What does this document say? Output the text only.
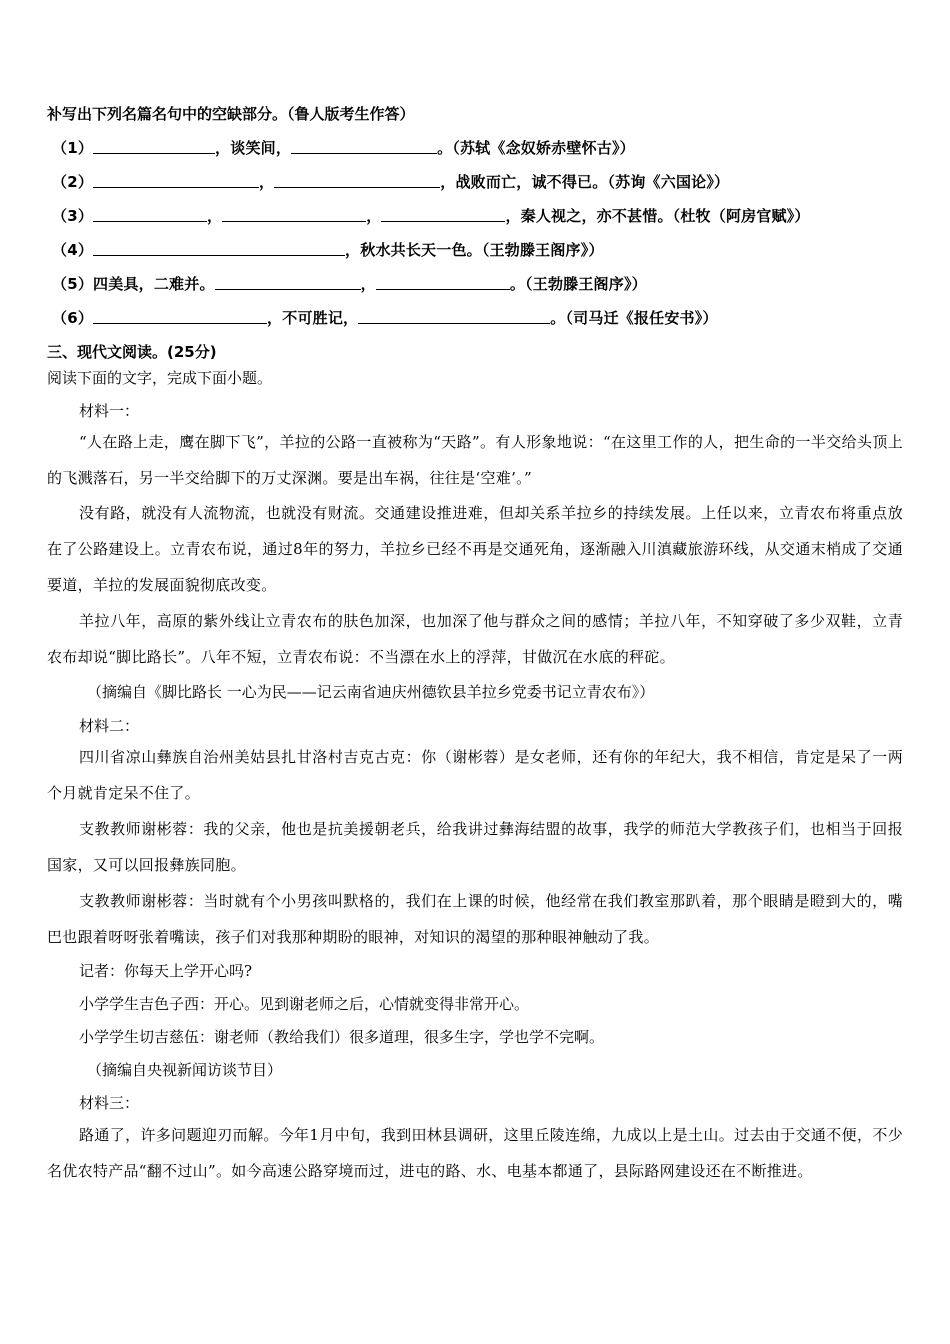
补写出下列名篇名句中的空缺部分。（鲁人版考生作答）
（1）	，谈笑间，	。（苏轼《念奴娇赤壁怀古》）
（2）	，	，战败而亡，诚不得已。（苏询《六国论》）
（3）	，	，	，秦人视之，亦不甚惜。（杜牧（阿房官赋》）
（4）	，秋水共长天一色。（王勃滕王阁序》）
（5）四美具，二难并。	，	。（王勃滕王阁序》）
（6）	，不可胜记，	。（司马迁《报任安书》）
三、现代文阅读。(25分)
阅读下面的文字，完成下面小题。
材料一：

“人在路上走，鹰在脚下飞”，羊拉的公路一直被称为“天路”。有人形象地说：“在这里工作的人，把生命的一半交给头顶上的飞溅落石，另一半交给脚下的万丈深渊。要是出车祸，往往是‘空难’。”

没有路，就没有人流物流，也就没有财流。交通建设推进难，但却关系羊拉乡的持续发展。上任以来，立青农布将重点放在了公路建设上。立青农布说，通过8年的努力，羊拉乡已经不再是交通死角，逐渐融入川滇藏旅游环线，从交通末梢成了交通要道，羊拉的发展面貌彻底改变。

羊拉八年，高原的紫外线让立青农布的肤色加深，也加深了他与群众之间的感情；羊拉八年，不知穿破了多少双鞋，立青农布却说“脚比路长”。八年不短，立青农布说：不当漂在水上的浮萍，甘做沉在水底的秤砣。

（摘编自《脚比路长 一心为民——记云南省迪庆州德钦县羊拉乡党委书记立青农布》）
材料二：

四川省凉山彝族自治州美姑县扎甘洛村吉克古克：你（谢彬蓉）是女老师，还有你的年纪大，我不相信，肯定是呆了一两个月就肯定呆不住了。

支教教师谢彬蓉：我的父亲，他也是抗美援朝老兵，给我讲过彝海结盟的故事，我学的师范大学教孩子们，也相当于回报国家，又可以回报彝族同胞。

支教教师谢彬蓉：当时就有个小男孩叫默格的，我们在上课的时候，他经常在我们教室那趴着，那个眼睛是瞪到大的，嘴巴也跟着呀呀张着嘴读，孩子们对我那种期盼的眼神，对知识的渴望的那种眼神触动了我。

记者：你每天上学开心吗?
小学学生吉色子西：开心。见到谢老师之后，心情就变得非常开心。
小学学生切吉慈伍：谢老师（教给我们）很多道理，很多生字，学也学不完啊。
（摘编自央视新闻访谈节目）
材料三：

路通了，许多问题迎刃而解。今年1月中旬，我到田林县调研，这里丘陵连绵，九成以上是土山。过去由于交通不便，不少名优农特产品“翻不过山”。如今高速公路穿境而过，进屯的路、水、电基本都通了，县际路网建设还在不断推进。
